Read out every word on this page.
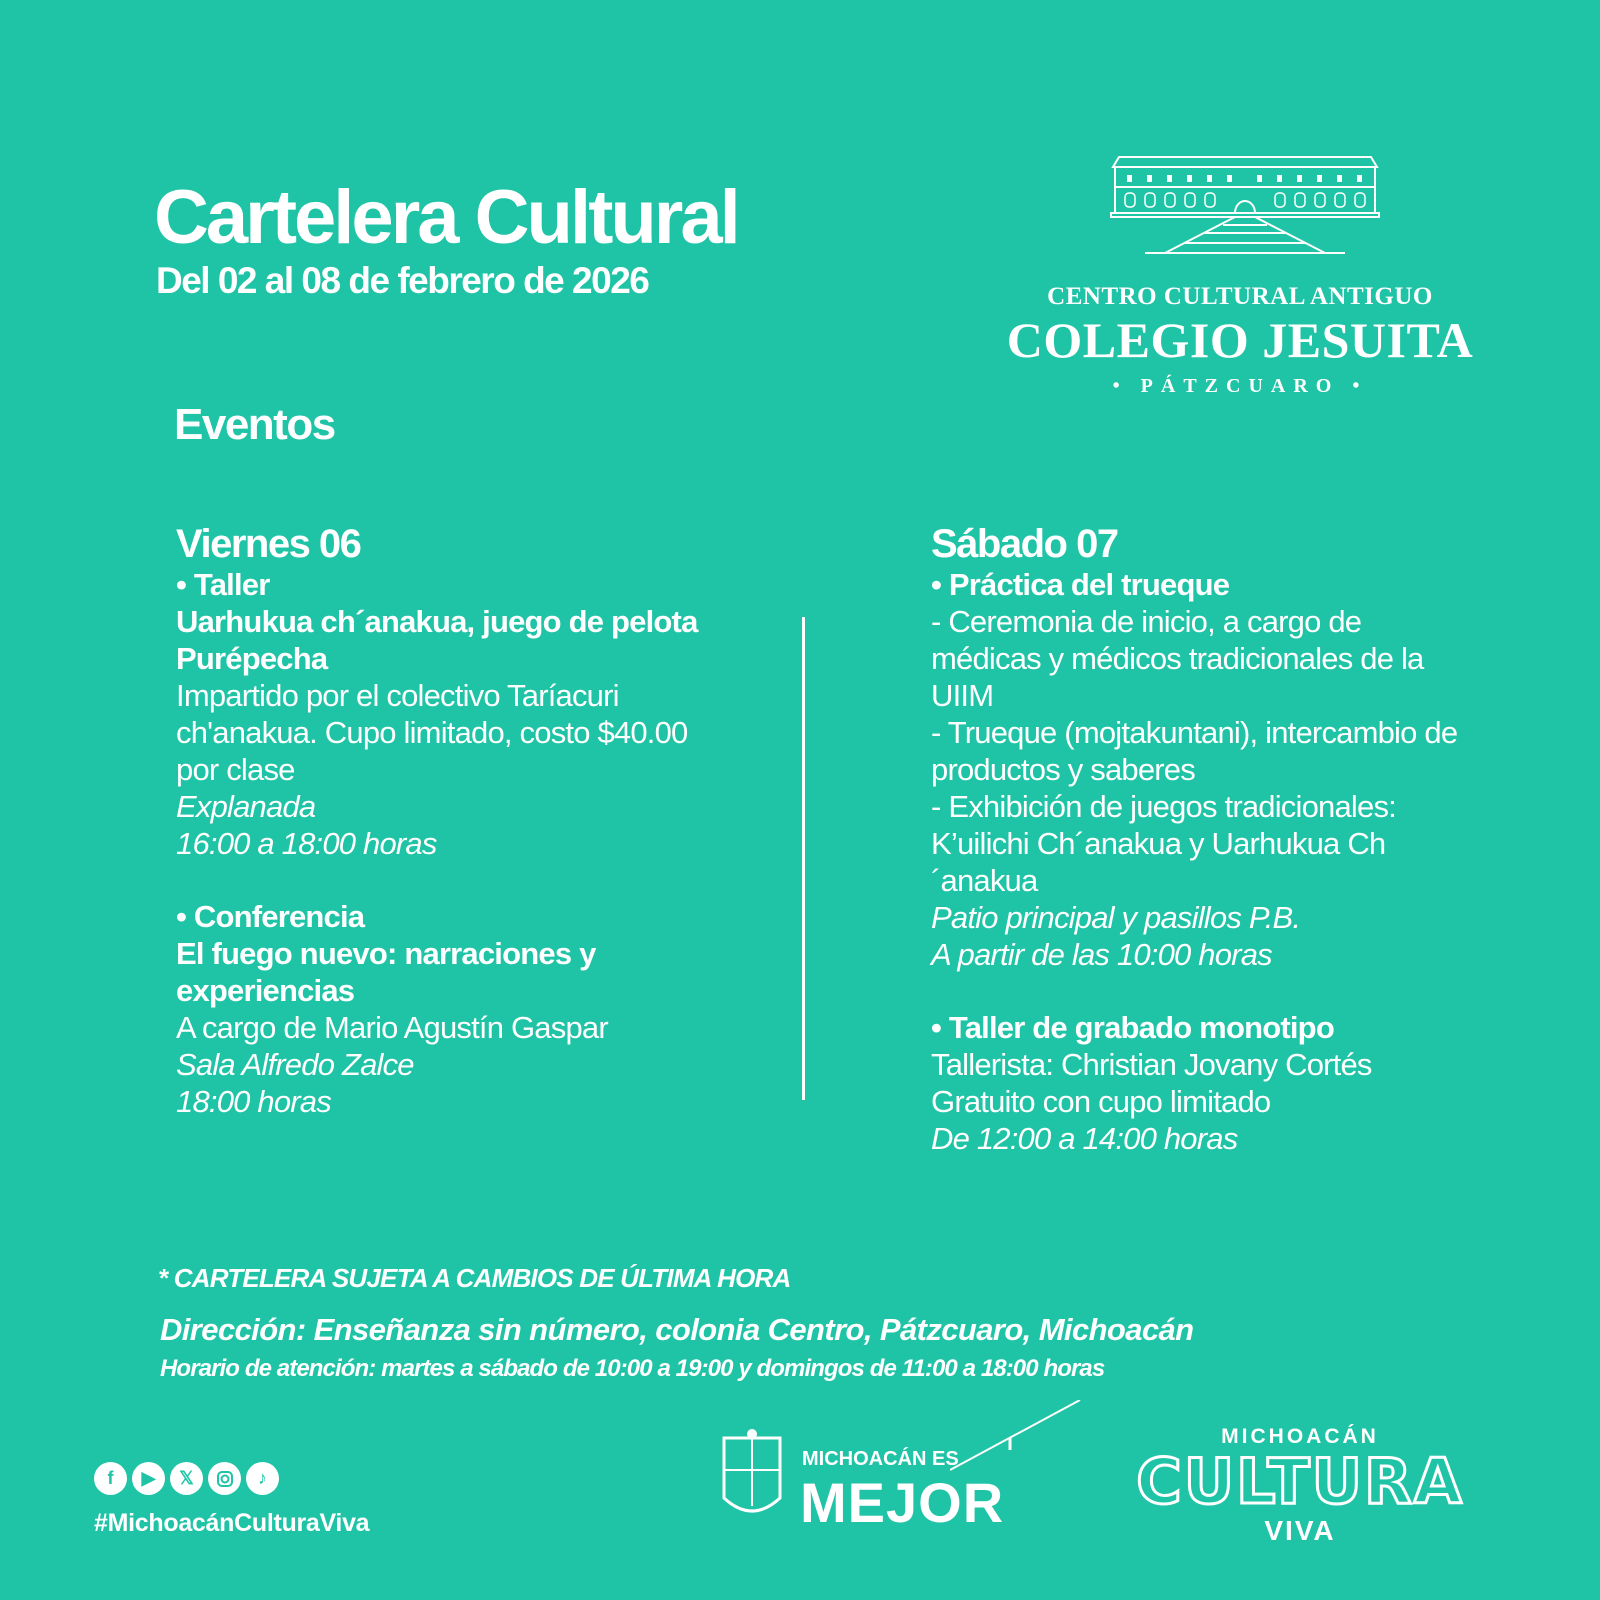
Cartelera Cultural
Del 02 al 08 de febrero de 2026	CENTRO CULTURAL ANTIGUO
COLEGIO JESUITA
• PÁTZCUARO •
Eventos
Viernes 06
• Taller
Uarhukua ch´anakua, juego de pelota Purépecha
Impartido por el colectivo Taríacuri ch'anakua. Cupo limitado, costo $40.00 por clase
Explanada
16:00 a 18:00 horas
• Conferencia
El fuego nuevo: narraciones y experiencias
A cargo de Mario Agustín Gaspar
Sala Alfredo Zalce
18:00 horas
Sábado 07
• Práctica del trueque
- Ceremonia de inicio, a cargo de médicas y médicos tradicionales de la UIIM
- Trueque (mojtakuntani), intercambio de productos y saberes
- Exhibición de juegos tradicionales: K’uilichi Ch´anakua y Uarhukua Ch´anakua
Patio principal y pasillos P.B.
A partir de las 10:00 horas
• Taller de grabado monotipo
Tallerista: Christian Jovany Cortés
Gratuito con cupo limitado
De 12:00 a 14:00 horas
* CARTELERA SUJETA A CAMBIOS DE ÚLTIMA HORA
Dirección: Enseñanza sin número, colonia Centro, Pátzcuaro, Michoacán
Horario de atención: martes a sábado de 10:00 a 19:00 y domingos de 11:00 a 18:00 horas
f	▶	𝕏	♪
#MichoacánCulturaViva
MICHOACÁN ES
MEJOR
MICHOACÁN
CULTURA
VIVA
